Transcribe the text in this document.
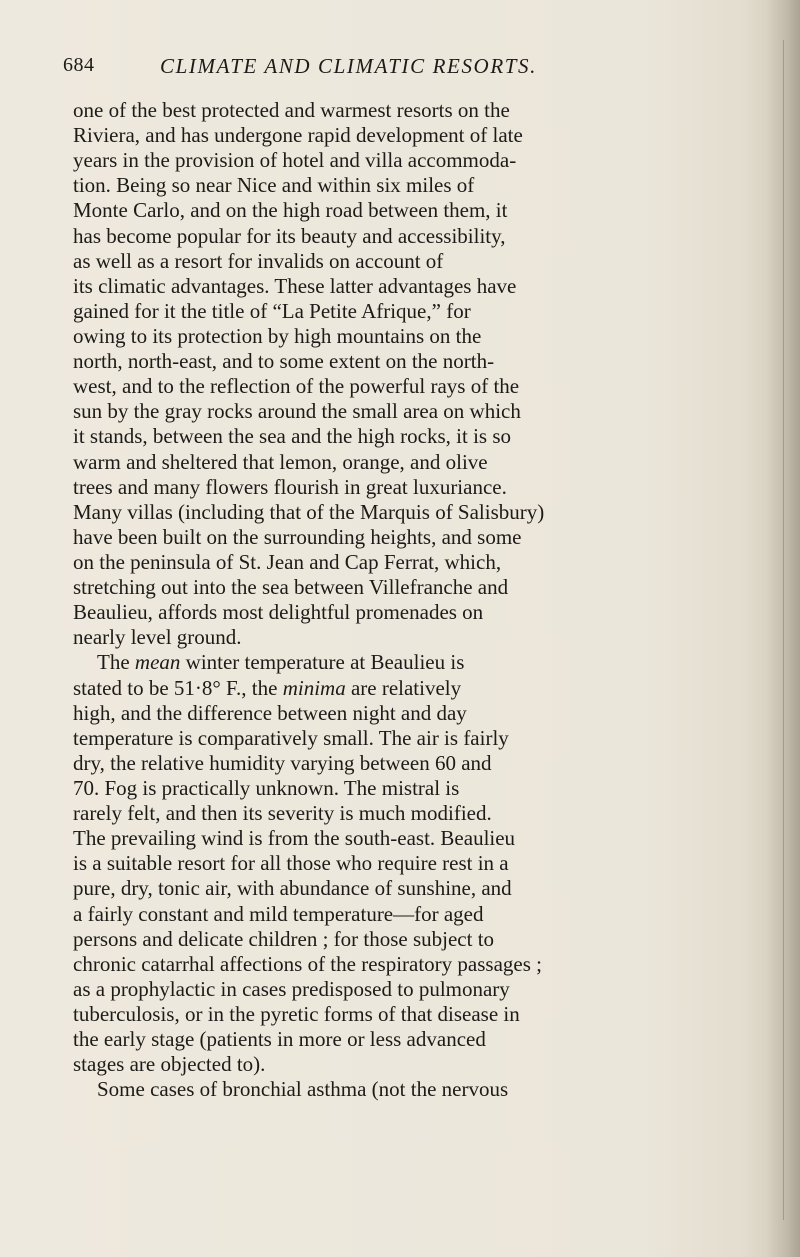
684	CLIMATE AND CLIMATIC RESORTS.
one of the best protected and warmest resorts on the
Riviera, and has undergone rapid development of late
years in the provision of hotel and villa accommoda-
tion. Being so near Nice and within six miles of
Monte Carlo, and on the high road between them, it
has become popular for its beauty and accessibility,
as well as a resort for invalids on account of
its climatic advantages. These latter advantages have
gained for it the title of “La Petite Afrique,” for
owing to its protection by high mountains on the
north, north-east, and to some extent on the north-
west, and to the reflection of the powerful rays of the
sun by the gray rocks around the small area on which
it stands, between the sea and the high rocks, it is so
warm and sheltered that lemon, orange, and olive
trees and many flowers flourish in great luxuriance.
Many villas (including that of the Marquis of Salisbury)
have been built on the surrounding heights, and some
on the peninsula of St. Jean and Cap Ferrat, which,
stretching out into the sea between Villefranche and
Beaulieu, affords most delightful promenades on
nearly level ground.
The mean winter temperature at Beaulieu is
stated to be 51·8° F., the minima are relatively
high, and the difference between night and day
temperature is comparatively small. The air is fairly
dry, the relative humidity varying between 60 and
70. Fog is practically unknown. The mistral is
rarely felt, and then its severity is much modified.
The prevailing wind is from the south-east. Beaulieu
is a suitable resort for all those who require rest in a
pure, dry, tonic air, with abundance of sunshine, and
a fairly constant and mild temperature—for aged
persons and delicate children ; for those subject to
chronic catarrhal affections of the respiratory passages ;
as a prophylactic in cases predisposed to pulmonary
tuberculosis, or in the pyretic forms of that disease in
the early stage (patients in more or less advanced
stages are objected to).
Some cases of bronchial asthma (not the nervous
